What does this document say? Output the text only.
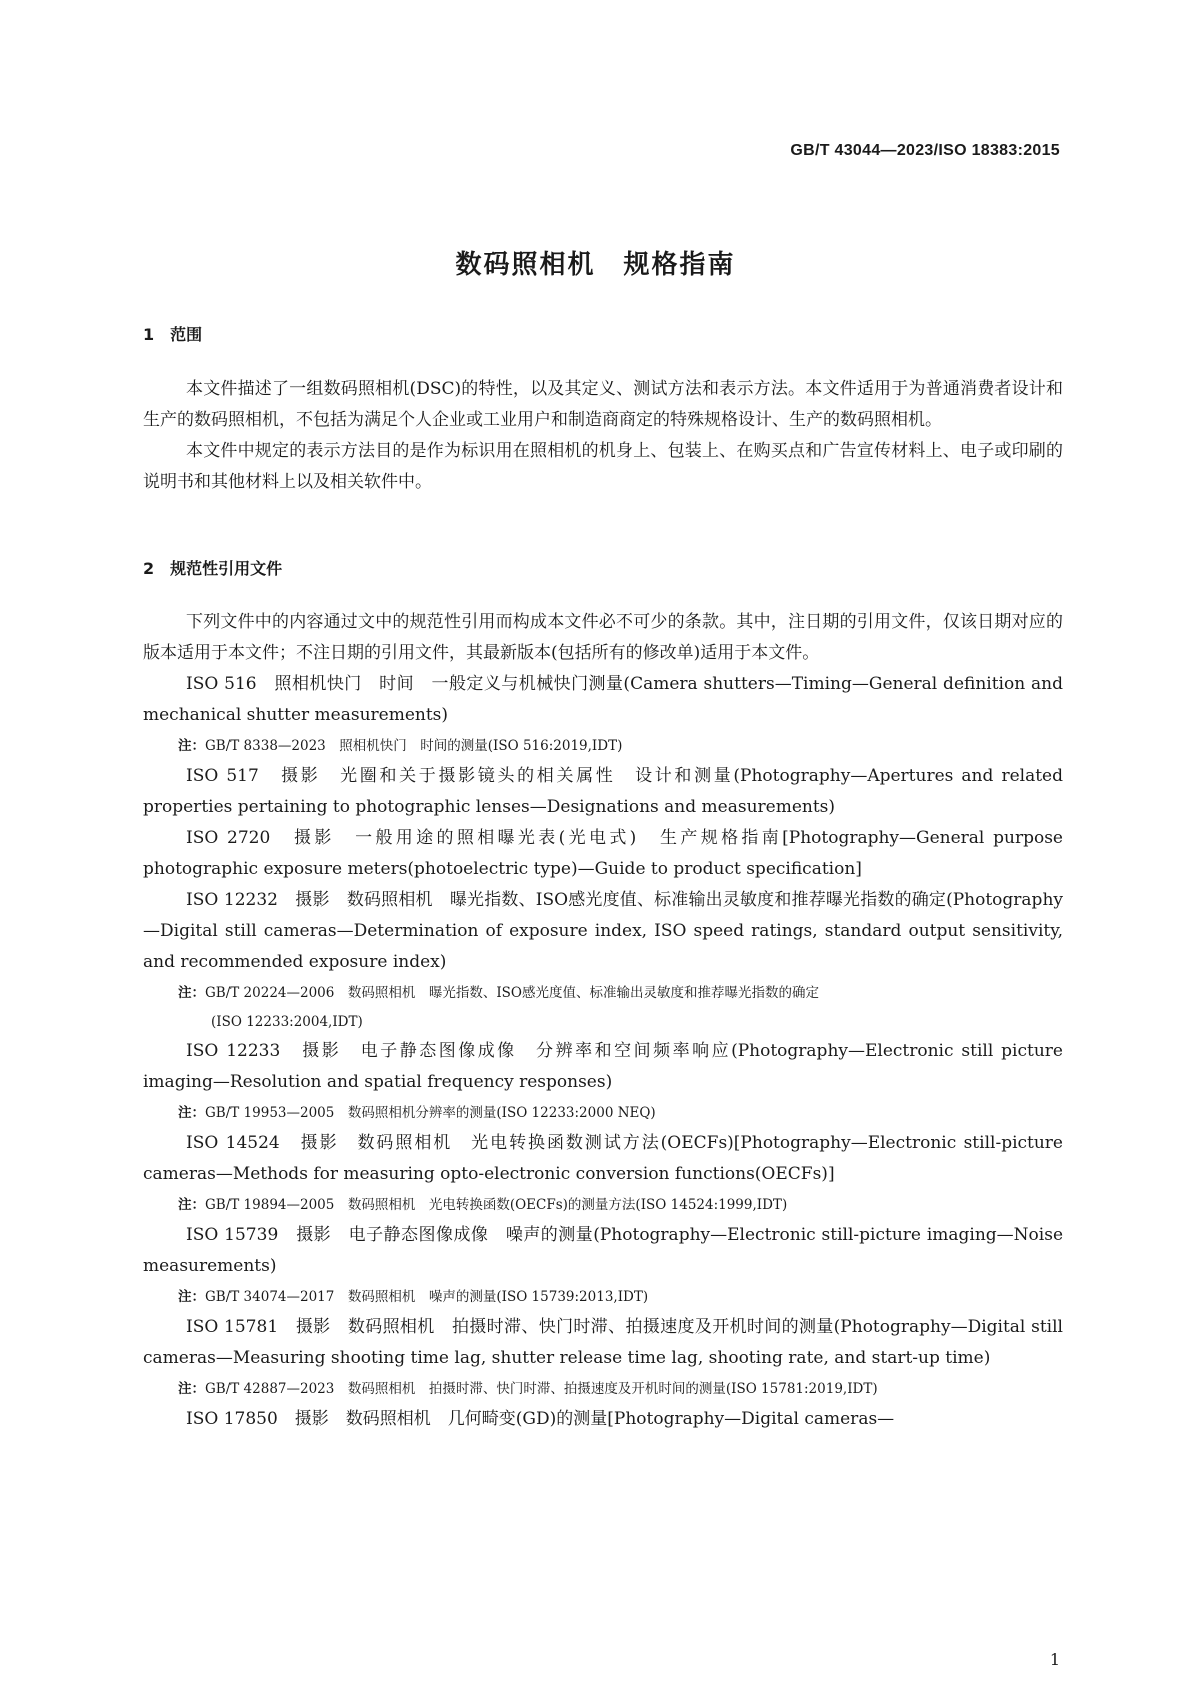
GB/T 43044—2023/ISO 18383:2015
数码照相机　规格指南
1　范围

本文件描述了一组数码照相机(DSC)的特性，以及其定义、测试方法和表示方法。本文件适用于为普通消费者设计和生产的数码照相机，不包括为满足个人企业或工业用户和制造商商定的特殊规格设计、生产的数码照相机。

本文件中规定的表示方法目的是作为标识用在照相机的机身上、包装上、在购买点和广告宣传材料上、电子或印刷的说明书和其他材料上以及相关软件中。

2　规范性引用文件

下列文件中的内容通过文中的规范性引用而构成本文件必不可少的条款。其中，注日期的引用文件，仅该日期对应的版本适用于本文件；不注日期的引用文件，其最新版本(包括所有的修改单)适用于本文件。

ISO 516　照相机快门　时间　一般定义与机械快门测量(Camera shutters—Timing—General definition and mechanical shutter measurements)

注：GB/T 8338—2023　照相机快门　时间的测量(ISO 516:2019,IDT)

ISO 517　摄影　光圈和关于摄影镜头的相关属性　设计和测量(Photography—Apertures and related properties pertaining to photographic lenses—Designations and measurements)

ISO 2720　摄影　一般用途的照相曝光表(光电式)　生产规格指南[Photography—General purpose photographic exposure meters(photoelectric type)—Guide to product specification]

ISO 12232　摄影　数码照相机　曝光指数、ISO感光度值、标准输出灵敏度和推荐曝光指数的确定(Photography—Digital still cameras—Determination of exposure index, ISO speed ratings, standard output sensitivity, and recommended exposure index)

注：GB/T 20224—2006　数码照相机　曝光指数、ISO感光度值、标准输出灵敏度和推荐曝光指数的确定

(ISO 12233:2004,IDT)

ISO 12233　摄影　电子静态图像成像　分辨率和空间频率响应(Photography—Electronic still picture imaging—Resolution and spatial frequency responses)

注：GB/T 19953—2005　数码照相机分辨率的测量(ISO 12233:2000 NEQ)

ISO 14524　摄影　数码照相机　光电转换函数测试方法(OECFs)[Photography—Electronic still-picture cameras—Methods for measuring opto-electronic conversion functions(OECFs)]

注：GB/T 19894—2005　数码照相机　光电转换函数(OECFs)的测量方法(ISO 14524:1999,IDT)

ISO 15739　摄影　电子静态图像成像　噪声的测量(Photography—Electronic still-picture imaging—Noise measurements)

注：GB/T 34074—2017　数码照相机　噪声的测量(ISO 15739:2013,IDT)

ISO 15781　摄影　数码照相机　拍摄时滞、快门时滞、拍摄速度及开机时间的测量(Photography—Digital still cameras—Measuring shooting time lag, shutter release time lag, shooting rate, and start-up time)

注：GB/T 42887—2023　数码照相机　拍摄时滞、快门时滞、拍摄速度及开机时间的测量(ISO 15781:2019,IDT)

ISO 17850　摄影　数码照相机　几何畸变(GD)的测量[Photography—Digital cameras—

1
